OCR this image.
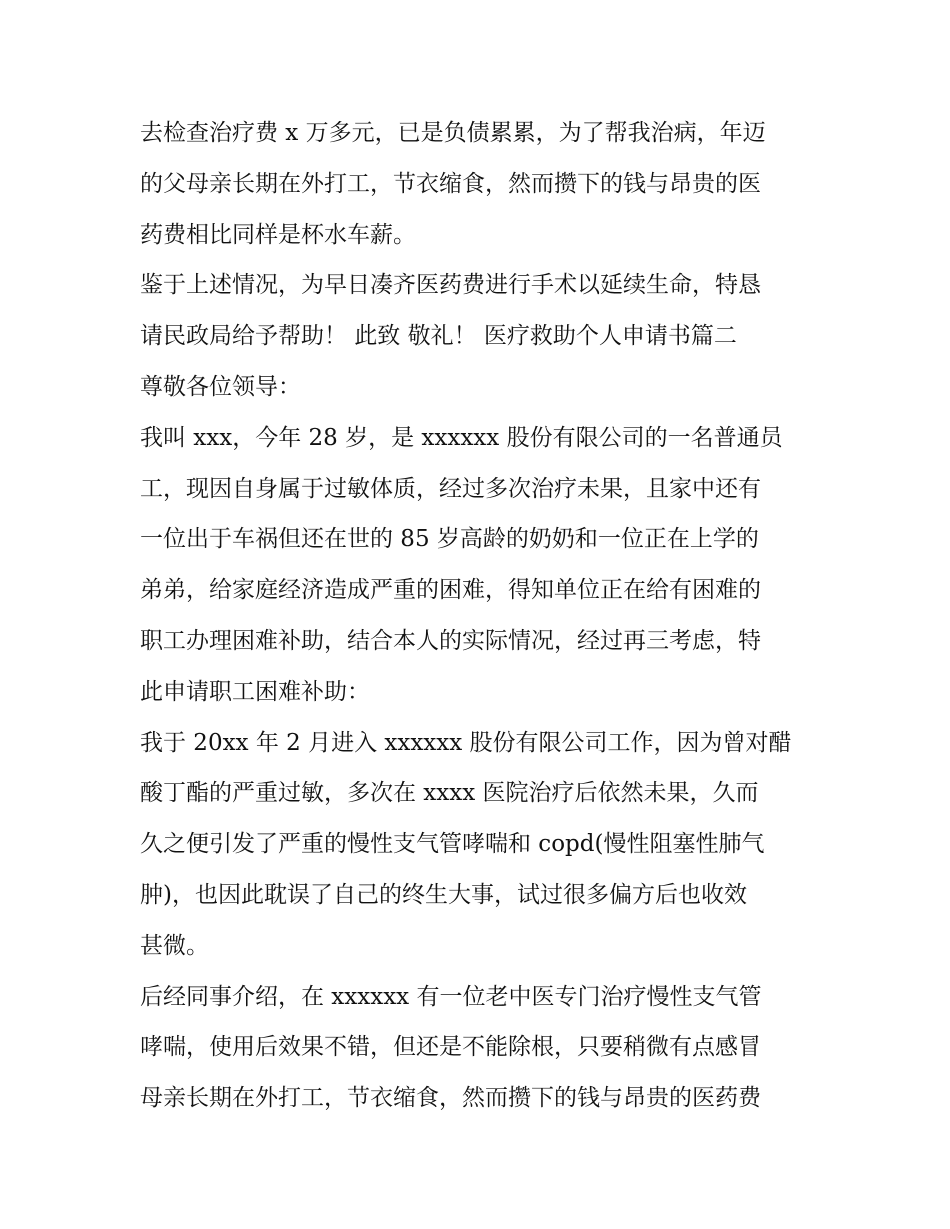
去检查治疗费 x 万多元，已是负债累累，为了帮我治病，年迈
的父母亲长期在外打工，节衣缩食，然而攒下的钱与昂贵的医
药费相比同样是杯水车薪。
鉴于上述情况，为早日凑齐医药费进行手术以延续生命，特恳
请民政局给予帮助！ 此致 敬礼！ 医疗救助个人申请书篇二
尊敬各位领导：
我叫 xxx，今年 28 岁，是 xxxxxx 股份有限公司的一名普通员
工，现因自身属于过敏体质，经过多次治疗未果，且家中还有
一位出于车祸但还在世的 85 岁高龄的奶奶和一位正在上学的
弟弟，给家庭经济造成严重的困难，得知单位正在给有困难的
职工办理困难补助，结合本人的实际情况，经过再三考虑，特
此申请职工困难补助：
我于 20xx 年 2 月进入 xxxxxx 股份有限公司工作，因为曾对醋
酸丁酯的严重过敏，多次在 xxxx 医院治疗后依然未果，久而
久之便引发了严重的慢性支气管哮喘和 copd(慢性阻塞性肺气
肿)，也因此耽误了自己的终生大事，试过很多偏方后也收效
甚微。
后经同事介绍，在 xxxxxx 有一位老中医专门治疗慢性支气管
哮喘，使用后效果不错，但还是不能除根，只要稍微有点感冒
母亲长期在外打工，节衣缩食，然而攒下的钱与昂贵的医药费
